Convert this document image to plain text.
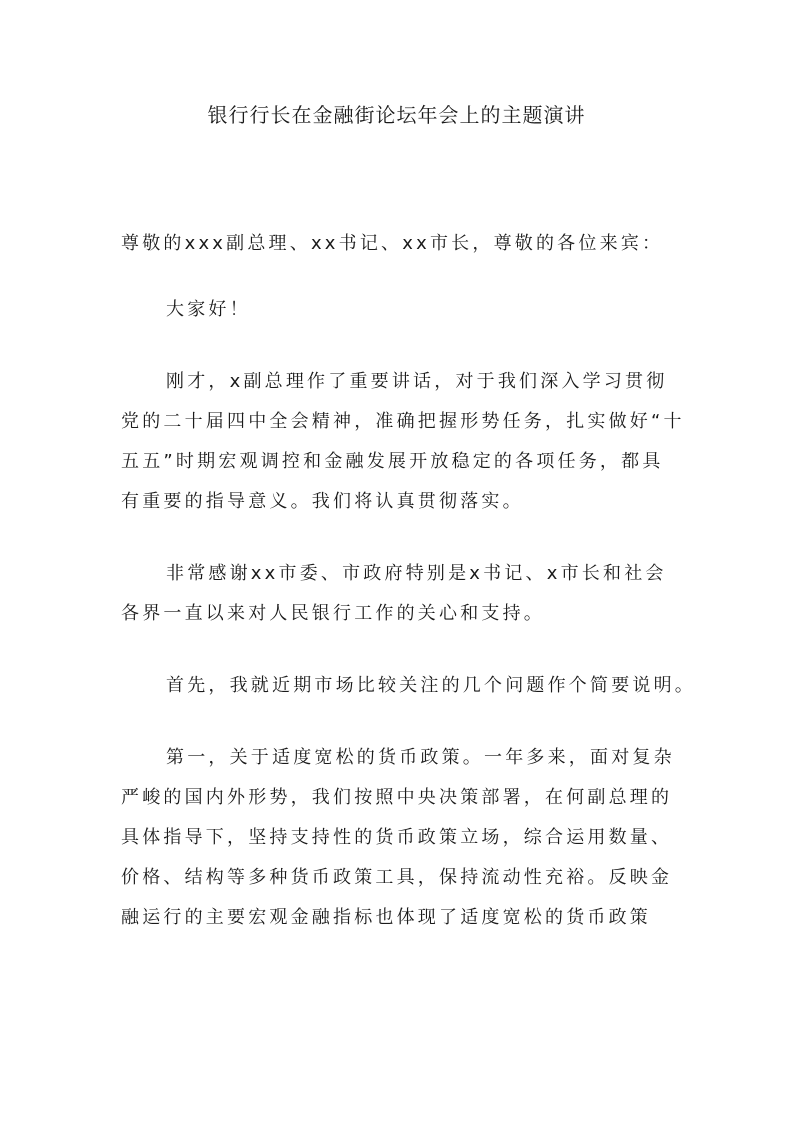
银行行长在金融街论坛年会上的主题演讲

尊敬的xxx副总理、xx书记、xx市长，尊敬的各位来宾：

大家好！

刚才，x副总理作了重要讲话，对于我们深入学习贯彻

党的二十届四中全会精神，准确把握形势任务，扎实做好“十

五五”时期宏观调控和金融发展开放稳定的各项任务，都具

有重要的指导意义。我们将认真贯彻落实。

非常感谢xx市委、市政府特别是x书记、x市长和社会

各界一直以来对人民银行工作的关心和支持。

首先，我就近期市场比较关注的几个问题作个简要说明。

第一，关于适度宽松的货币政策。一年多来，面对复杂

严峻的国内外形势，我们按照中央决策部署，在何副总理的

具体指导下，坚持支持性的货币政策立场，综合运用数量、

价格、结构等多种货币政策工具，保持流动性充裕。反映金

融运行的主要宏观金融指标也体现了适度宽松的货币政策
